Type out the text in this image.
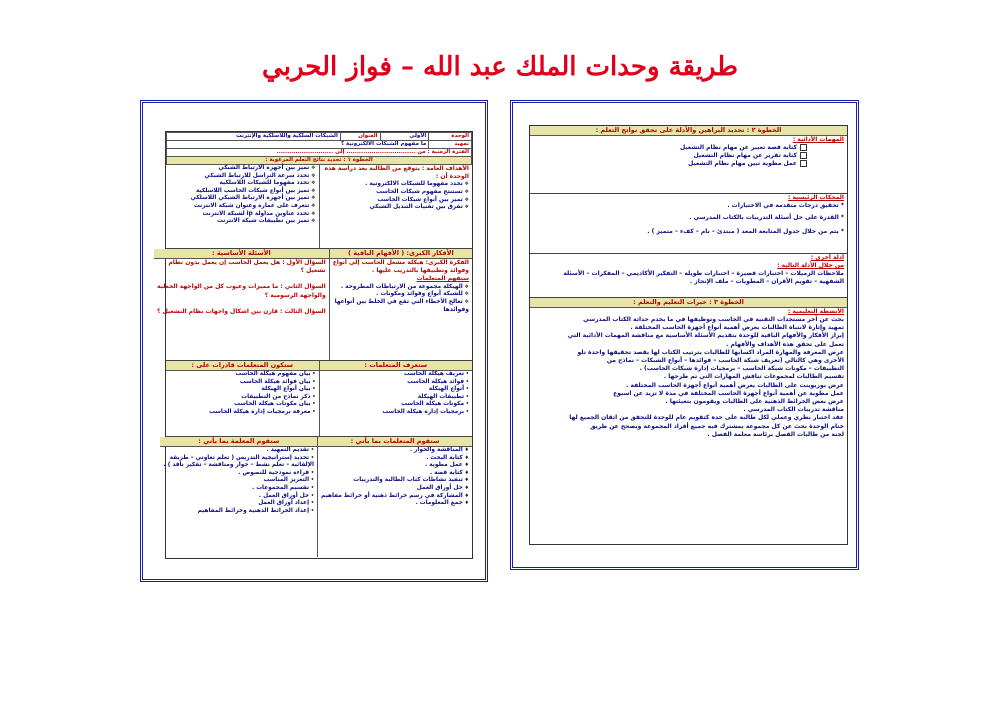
طريقة وحدات الملك عبد الله – فواز الحربي
الوحدة	الأولى	العنوان	الشبكات السلكية واللاسلكية والإنترنت
تمهيد	ما مفهوم الشبكات الالكترونية ؟		
الفترة الزمنية : من ................................. إلى ...........................			
الخطوة ١ : تحديد نتائج التعلم المرغوبة :			
الأهداف العامة : يتوقع من الطالبة بعد دراسة هذه
الوحدة أن :
❖ تحدد مفهوما للشبكات الالكترونية .
❖ تستنتج مفهوم شبكات الحاسب
❖ تميز بين أنواع شبكات الحاسب
❖ تفرق بين تقنيات التبديل الشبكي
❖ تميز بين أجهزة الارتباط الشبكي
❖ تحدد سرعة التراسل للارتباط الشبكي
❖ تحدد مفهوما للشبكات اللاسلكية
❖ تميز بين أنواع شبكات الحاسب اللاسلكية
❖ تميز بين أجهزة الارتباط الشبكي اللاسلكي
❖ تتعرف على عمارة وعنوان شبكة الانترنت
❖ تحدد عناوين مداولة ip لشبكة الانترنت
❖ تميز بين تطبيقات شبكة الانترنت
الأفكار الكبرى: ( الأفهام الباقية )
الفكرة الكبرى: هيكلة مشغل الحاسب إلى أنواع
وفوائد وتطبيقها بالتدريب عليها .
ستفهم المتعلمات
❖ الهيكلة مجموعة من الارتباطات المطروحة .
❖ للشبكة أنواع وفوائد ومكونات .
❖ تعالج الأخطاء التي تقع في الخلط بين أنواعها
وفوائدها
الأسئلة الأساسية :
السؤال الأول : هل يعمل الحاسب إن يعمل بدون نظام
تشغيل ؟
السؤال الثاني : ما مميزات وعيوب كل من الواجهة الخطية
والواجهة الرسومية ؟
السؤال الثالث : قارن بين اشكال واجهات نظام التشغيل ؟
ستعرف المتعلمات :
• تعريف هيكلة الحاسب
• فوائد هيكلة الحاسب
• أنواع الهيكلة
• تطبيقات الهيكلة
• مكونات هيكلة الحاسب
• برمجيات إدارة هيكلة الحاسب
ستكون المتعلمات قادرات على :
• بيان مفهوم هيكلة الحاسب
• بيان فوائد هيكلة الحاسب
• بيان أنواع الهيكلة
• ذكر نماذج من التطبيقات
• بيان مكونات هيكلة الحاسب
• معرفة برمجيات إدارة هيكلة الحاسب
ستقوم المتعلمات بما يأتي :
♦ المناقشة والحوار .
♦ كتابة البحث .
♦ عمل مطوية .
♦ كتابة قصة .
♦ تنفيذ نشاطات كتاب الطالبة والتدريبات
♦ حل أوراق العمل
♦ المشاركة في رسم خرائط ذهنية أو خرائط مفاهيم
♦ جمع المعلومات .
ستقوم المعلمة بما يأتي :
• تقديم التمهيد .
• تحديد إستراتيجية التدريس ( تعلم تعاوني – طريقة
الإلقائية – تعلم نشط – حوار ومناقشة – تفكير ناقد ) .
• قراءة نموذجية للنصوص .
• التعزيز المناسب
• تقسيم المجموعات .
• حل أوراق العمل .
• إعداد أوراق العمل
• إعداد الخرائط الذهنية وخرائط المفاهيم
الخطوة ٢ : تحديد البراهين والأدلة على تحقق نواتج التعلم :
المهمات الأدائية :
كتابة قصة تعبير عن مهام نظام التشغيل
كتابة تقرير عن مهام نظام التشغيل
عمل مطوية تبين مهام نظام التشغيل
المحكات الرئيسية :
* تحقيق درجات متقدمة في الاختبارات .
* القدرة على حل أسئلة التدريبات بالكتاب المدرسي .
* يتم من خلال جدول المتابعة المعد ( مبتدئ – نام – كفء – متميز ) .
أدلة أخرى :
من خلال الأدلة التالية :
ملاحظات الزميلات – اختبارات قصيرة – اختبارات طويلة – التفكير الأكاديمي – المفكرات – الأسئلة
الشفهية – تقويم الأقران – المطويات – ملف الإنجاز .
الخطوة ٣ : خبرات التعليم والتعلم :
الأنشطة التعليمية :
بحث عن آخر مستجدات التقنية في الحاسب وتوظيفها في ما يخدم حداثة الكتاب المدرسي
تمهيد وإثارة لانتباه الطالبات بعرض أهمية أنواع أجهزة الحاسب المختلفة .
إبراز الأفكار والأفهام الباقية للوحدة بتقديم الأسئلة الأساسية مع مناقشة المهمات الأدائية التي
تعمل على تحقق هذه الأهداف والأفهام .
عرض المعرفة والمهارة المراد اكسابها للطالبات بترتيب الكتاب لها بقصد تحقيقها واحدة تلو
الأخرى وهي كالتالي (تعريف شبكة الحاسب – فوائدها – أنواع الشبكات – نماذج من
التطبيقات – مكونات شبكة الحاسب – برمجيات إدارة شبكات الحاسب) .
تقسيم الطالبات لمجموعات تناقش المهارات التي تم طرحها .
عرض بوربوينت على الطالبات يعرض أهمية أنواع أجهزة الحاسب المختلفة .
عمل مطوية عن أهمية أنواع أجهزة الحاسب المختلفة في مدة لا تزيد عن اسبوع
عرض بعض الخرائط الذهنية على الطالبات ويقومون بتعبئتها .
مناقشة تدريبات الكتاب المدرسي .
عقد اختبار نظري وعملي لكل طالبة على حده كتقويم عام للوحدة للتحقق من اتقان الجميع لها
ختام الوحدة بحث عن كل مجموعة بمشترك فيه جميع أفراد المجموعة ويصحح عن طريق
لجنة من طالبات الفصل برئاسة معلمة الفصل .
